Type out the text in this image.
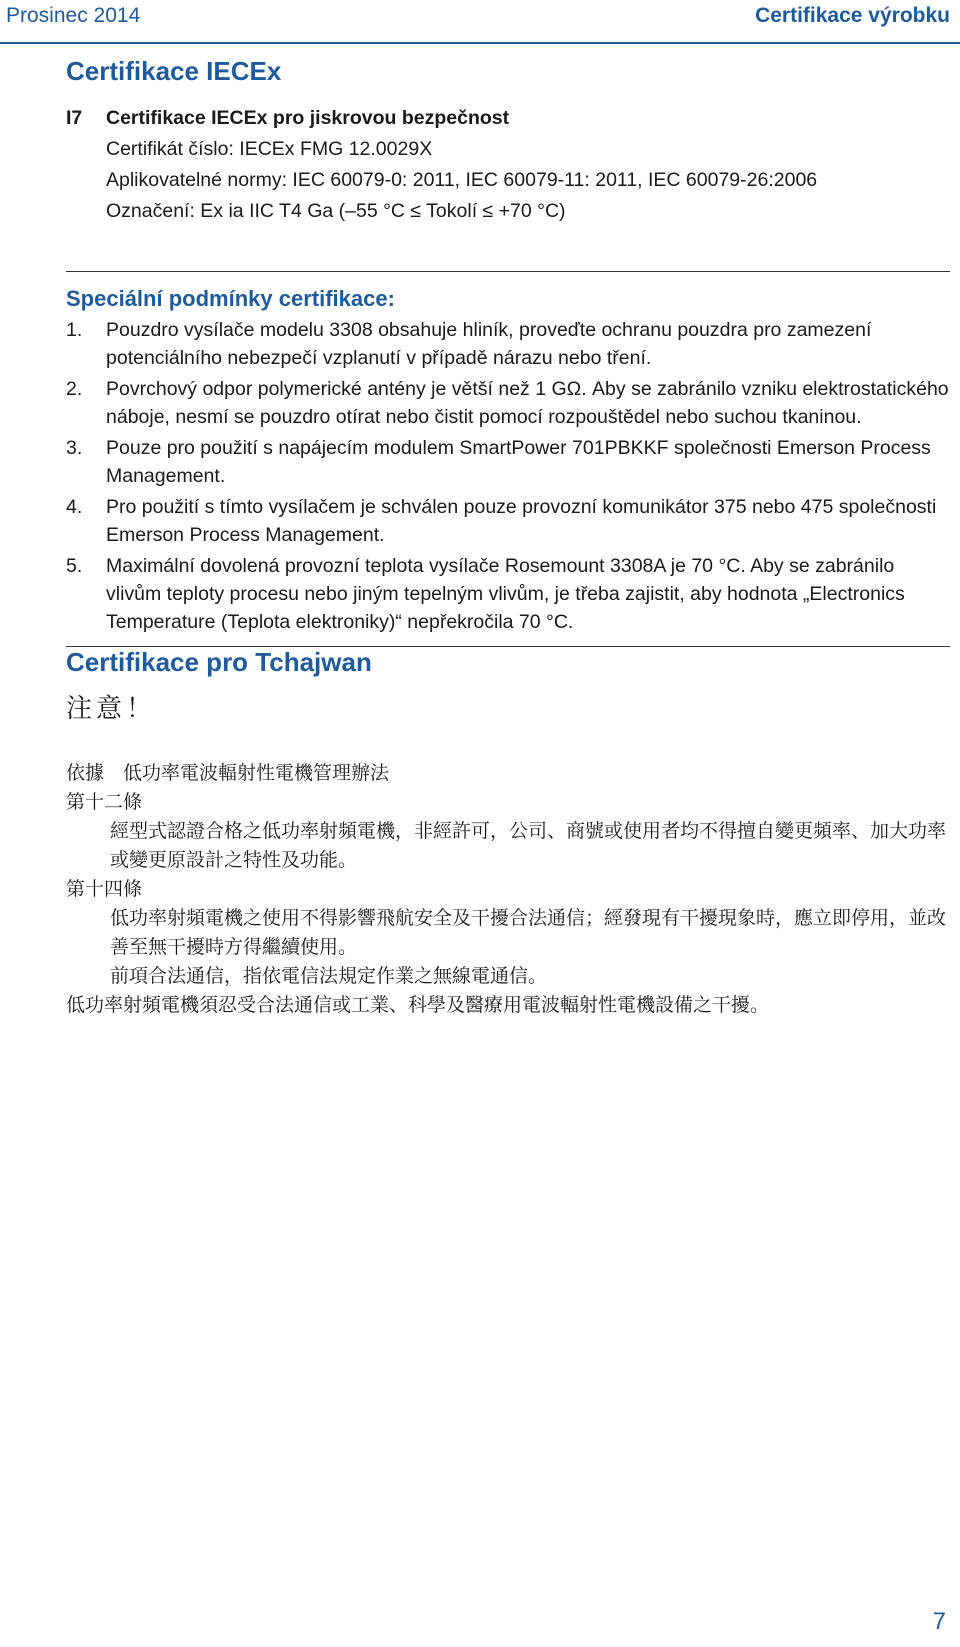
Prosinec 2014	Certifikace výrobku
Certifikace IECEx
I7 Certifikace IECEx pro jiskrovou bezpečnost
Certifikát číslo: IECEx FMG 12.0029X
Aplikovatelné normy: IEC 60079-0: 2011, IEC 60079-11: 2011, IEC 60079-26:2006
Označení: Ex ia IIC T4 Ga (–55 °C ≤ Tokolí ≤ +70 °C)
Speciální podmínky certifikace:
1. Pouzdro vysílače modelu 3308 obsahuje hliník, proveďte ochranu pouzdra pro zamezení potenciálního nebezpečí vzplanutí v případě nárazu nebo tření.
2. Povrchový odpor polymerické antény je větší než 1 GΩ. Aby se zabránilo vzniku elektrostatického náboje, nesmí se pouzdro otírat nebo čistit pomocí rozpouštědel nebo suchou tkaninou.
3. Pouze pro použití s napájecím modulem SmartPower 701PBKKF společnosti Emerson Process Management.
4. Pro použití s tímto vysílačem je schválen pouze provozní komunikátor 375 nebo 475 společnosti Emerson Process Management.
5. Maximální dovolená provozní teplota vysílače Rosemount 3308A je 70 °C. Aby se zabránilo vlivům teploty procesu nebo jiným tepelným vlivům, je třeba zajistit, aby hodnota „Electronics Temperature (Teplota elektroniky)“ nepřekročila 70 °C.
Certifikace pro Tchajwan
注意！

依據　低功率電波輻射性電機管理辦法

第十二條

經型式認證合格之低功率射頻電機，非經許可，公司、商號或使用者均不得擅自變更頻率、加大功率或變更原設計之特性及功能。

第十四條

低功率射頻電機之使用不得影響飛航安全及干擾合法通信；經發現有干擾現象時，應立即停用，並改善至無干擾時方得繼續使用。

前項合法通信，指依電信法規定作業之無線電通信。

低功率射頻電機須忍受合法通信或工業、科學及醫療用電波輻射性電機設備之干擾。

7
